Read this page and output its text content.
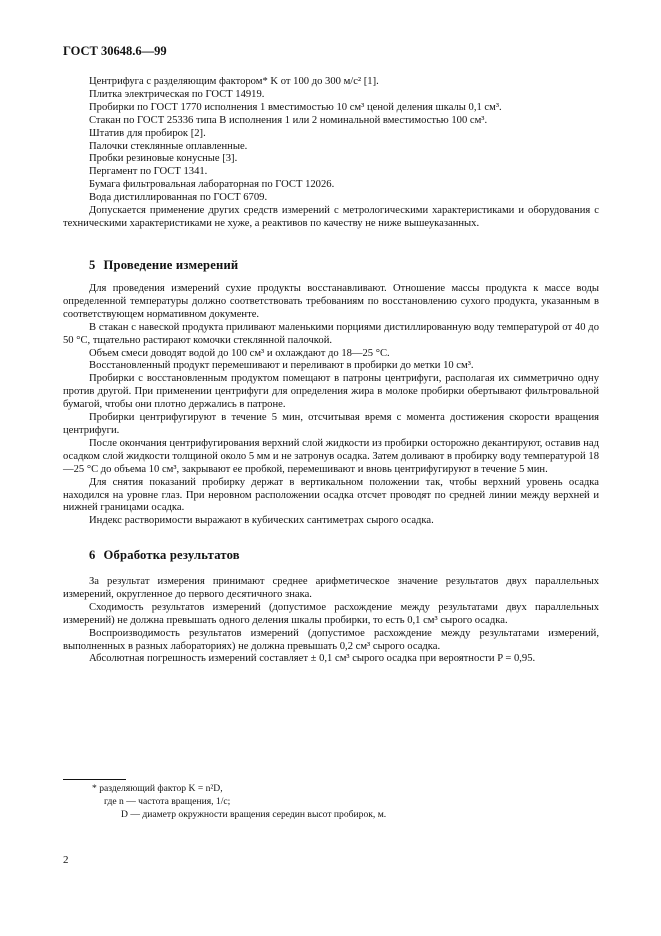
ГОСТ 30648.6—99

Центрифуга с разделяющим фактором* K от 100 до 300 м/с² [1].

Плитка электрическая по ГОСТ 14919.

Пробирки по ГОСТ 1770 исполнения 1 вместимостью 10 см³ ценой деления шкалы 0,1 см³.

Стакан по ГОСТ 25336 типа В исполнения 1 или 2 номинальной вместимостью 100 см³.

Штатив для пробирок [2].

Палочки стеклянные оплавленные.

Пробки резиновые конусные [3].

Пергамент по ГОСТ 1341.

Бумага фильтровальная лабораторная по ГОСТ 12026.

Вода дистиллированная по ГОСТ 6709.

Допускается применение других средств измерений с метрологическими характеристиками и оборудования с техническими характеристиками не хуже, а реактивов по качеству не ниже вышеуказанных.

5 Проведение измерений

Для проведения измерений сухие продукты восстанавливают. Отношение массы продукта к массе воды определенной температуры должно соответствовать требованиям по восстановлению сухого продукта, указанным в соответствующем нормативном документе.

В стакан с навеской продукта приливают маленькими порциями дистиллированную воду температурой от 40 до 50 °С, тщательно растирают комочки стеклянной палочкой.

Объем смеси доводят водой до 100 см³ и охлаждают до 18—25 °С.

Восстановленный продукт перемешивают и переливают в пробирки до метки 10 см³.

Пробирки с восстановленным продуктом помещают в патроны центрифуги, располагая их симметрично одну против другой. При применении центрифуги для определения жира в молоке пробирки обертывают фильтровальной бумагой, чтобы они плотно держались в патроне.

Пробирки центрифугируют в течение 5 мин, отсчитывая время с момента достижения скорости вращения центрифуги.

После окончания центрифугирования верхний слой жидкости из пробирки осторожно декантируют, оставив над осадком слой жидкости толщиной около 5 мм и не затронув осадка. Затем доливают в пробирку воду температурой 18—25 °С до объема 10 см³, закрывают ее пробкой, перемешивают и вновь центрифугируют в течение 5 мин.

Для снятия показаний пробирку держат в вертикальном положении так, чтобы верхний уровень осадка находился на уровне глаз. При неровном расположении осадка отсчет проводят по средней линии между верхней и нижней границами осадка.

Индекс растворимости выражают в кубических сантиметрах сырого осадка.

6 Обработка результатов

За результат измерения принимают среднее арифметическое значение результатов двух параллельных измерений, округленное до первого десятичного знака.

Сходимость результатов измерений (допустимое расхождение между результатами двух параллельных измерений) не должна превышать одного деления шкалы пробирки, то есть 0,1 см³ сырого осадка.

Воспроизводимость результатов измерений (допустимое расхождение между результатами измерений, выполненных в разных лабораториях) не должна превышать 0,2 см³ сырого осадка.

Абсолютная погрешность измерений составляет ± 0,1 см³ сырого осадка при вероятности P = 0,95.

* разделяющий фактор K = n²D,
где n — частота вращения, 1/с;
D — диаметр окружности вращения середин высот пробирок, м.
2
